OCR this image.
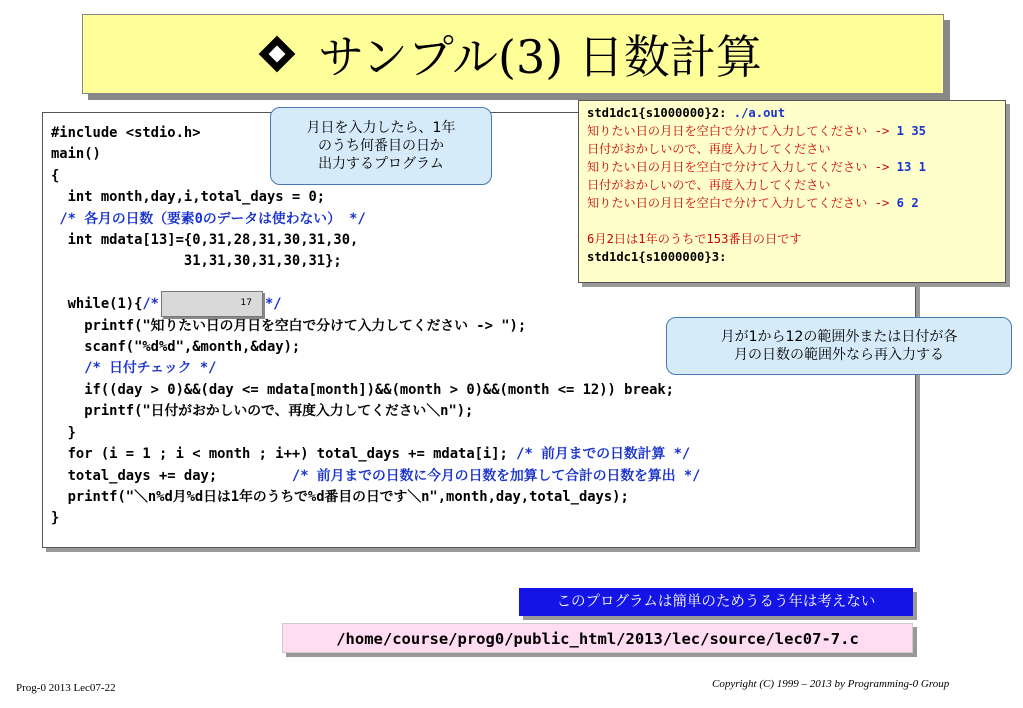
サンプル(3) 日数計算
#include <stdio.h>
main()
{
int month,day,i,total_days = 0;
/* 各月の日数（要素0のデータは使わない） */
int mdata[13]={0,31,28,31,30,31,30,
31,31,30,31,30,31};

while(1){/*	17 */
printf("知りたい日の月日を空白で分けて入力してください -> ");
scanf("%d%d",&month,&day);
/* 日付チェック */
if((day > 0)&&(day <= mdata[month])&&(month > 0)&&(month <= 12)) break;
printf("日付がおかしいので、再度入力してください＼n");
}
for (i = 1 ; i < month ; i++) total_days += mdata[i]; /* 前月までの日数計算 */
total_days += day;         /* 前月までの日数に今月の日数を加算して合計の日数を算出 */
printf("＼n%d月%d日は1年のうちで%d番目の日です＼n",month,day,total_days);
}
std1dc1{s1000000}2: ./a.out
知りたい日の月日を空白で分けて入力してください -> 1 35
日付がおかしいので、再度入力してください
知りたい日の月日を空白で分けて入力してください -> 13 1
日付がおかしいので、再度入力してください
知りたい日の月日を空白で分けて入力してください -> 6 2

6月2日は1年のうちで153番目の日です
std1dc1{s1000000}3:
月日を入力したら、1年
のうち何番目の日か
出力するプログラム
月が1から12の範囲外または日付が各
月の日数の範囲外なら再入力する
このプログラムは簡単のためうるう年は考えない
/home/course/prog0/public_html/2013/lec/source/lec07-7.c
Prog-0 2013 Lec07-22	Copyright (C) 1999 – 2013 by Programming-0 Group
